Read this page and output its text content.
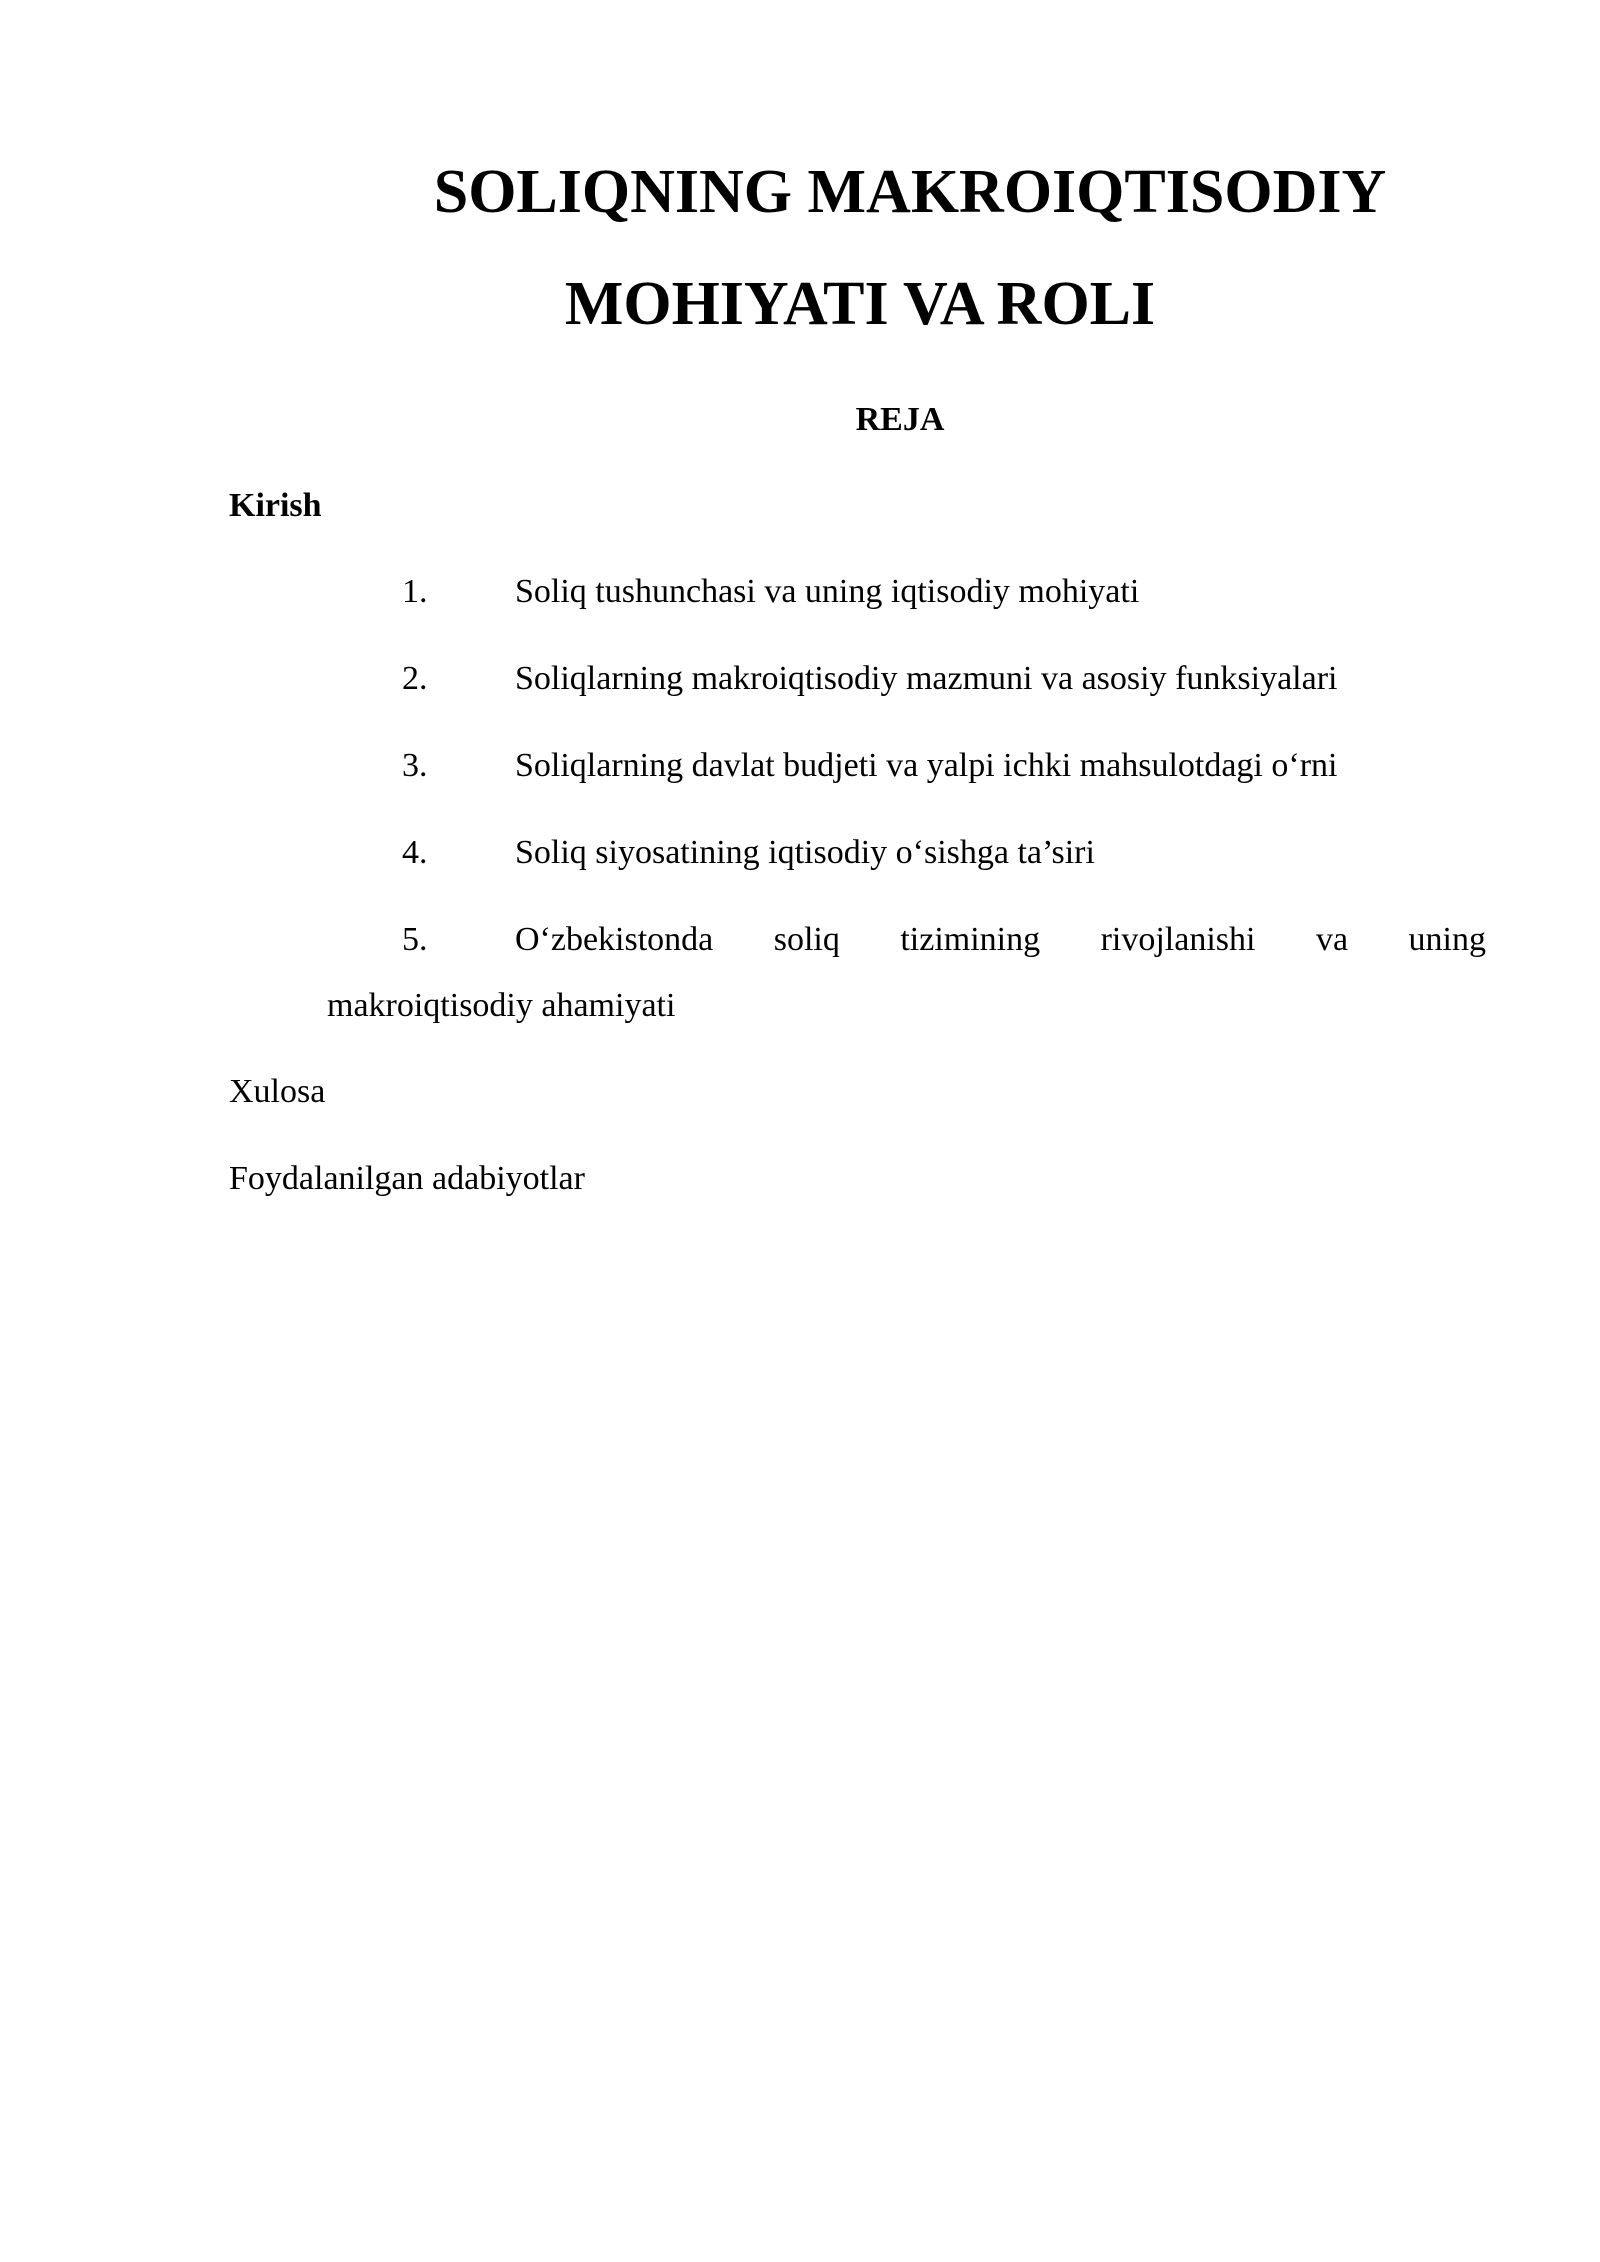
SOLIQNING MAKROIQTISODIY
MOHIYATI VA ROLI
REJA
Kirish
1.	Soliq tushunchasi va uning iqtisodiy mohiyati
2.	Soliqlarning makroiqtisodiy mazmuni va asosiy funksiyalari
3.	Soliqlarning davlat budjeti va yalpi ichki mahsulotdagi o‘rni
4.	Soliq siyosatining iqtisodiy o‘sishga ta’siri
5.	O‘zbekistonda soliq tizimining rivojlanishi va uning
makroiqtisodiy ahamiyati
Xulosa
Foydalanilgan adabiyotlar
